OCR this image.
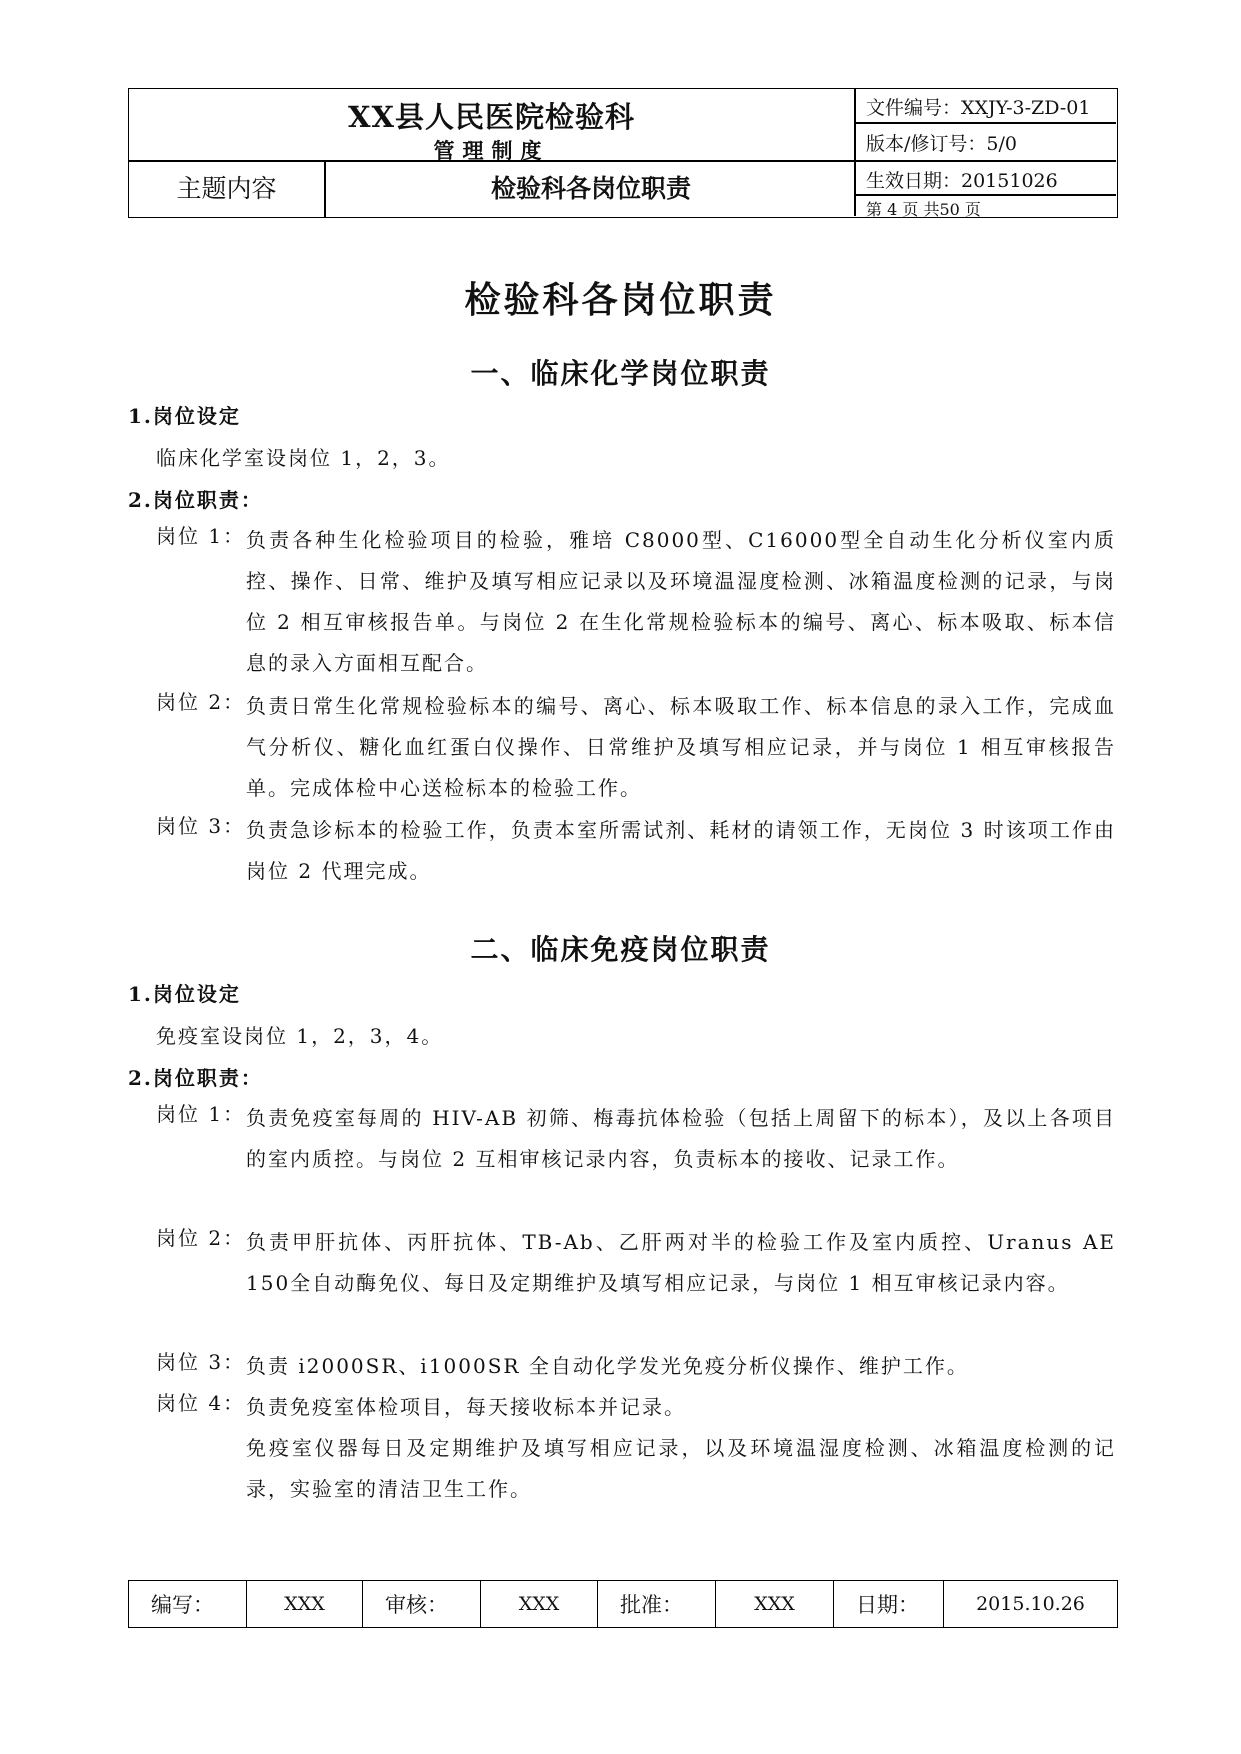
XX县人民医院检验科
管理制度
文件编号：XXJY-3-ZD-01
版本/修订号：5/0
生效日期：20151026
第 4 页 共50 页
主题内容	检验科各岗位职责
检验科各岗位职责
一、临床化学岗位职责
1.岗位设定
临床化学室设岗位 1，2，3。
2.岗位职责：
岗位 1： 负责各种生化检验项目的检验，雅培 C8000型、C16000型全自动生化分析仪室内质控、操作、日常、维护及填写相应记录以及环境温湿度检测、冰箱温度检测的记录，与岗位 2 相互审核报告单。与岗位 2 在生化常规检验标本的编号、离心、标本吸取、标本信息的录入方面相互配合。
岗位 2： 负责日常生化常规检验标本的编号、离心、标本吸取工作、标本信息的录入工作，完成血气分析仪、糖化血红蛋白仪操作、日常维护及填写相应记录，并与岗位 1 相互审核报告单。完成体检中心送检标本的检验工作。
岗位 3： 负责急诊标本的检验工作，负责本室所需试剂、耗材的请领工作，无岗位 3 时该项工作由岗位 2 代理完成。
二、临床免疫岗位职责
1.岗位设定
免疫室设岗位 1，2，3，4。
2.岗位职责：
岗位 1： 负责免疫室每周的 HIV-AB 初筛、梅毒抗体检验（包括上周留下的标本），及以上各项目的室内质控。与岗位 2 互相审核记录内容，负责标本的接收、记录工作。
岗位 2： 负责甲肝抗体、丙肝抗体、TB-Ab、乙肝两对半的检验工作及室内质控、Uranus AE 150全自动酶免仪、每日及定期维护及填写相应记录，与岗位 1 相互审核记录内容。
岗位 3： 负责 i2000SR、i1000SR 全自动化学发光免疫分析仪操作、维护工作。
岗位 4： 负责免疫室体检项目，每天接收标本并记录。

免疫室仪器每日及定期维护及填写相应记录，以及环境温湿度检测、冰箱温度检测的记录，实验室的清洁卫生工作。

编写：	XXX	审核：	XXX	批准：	XXX	日期：	2015.10.26
